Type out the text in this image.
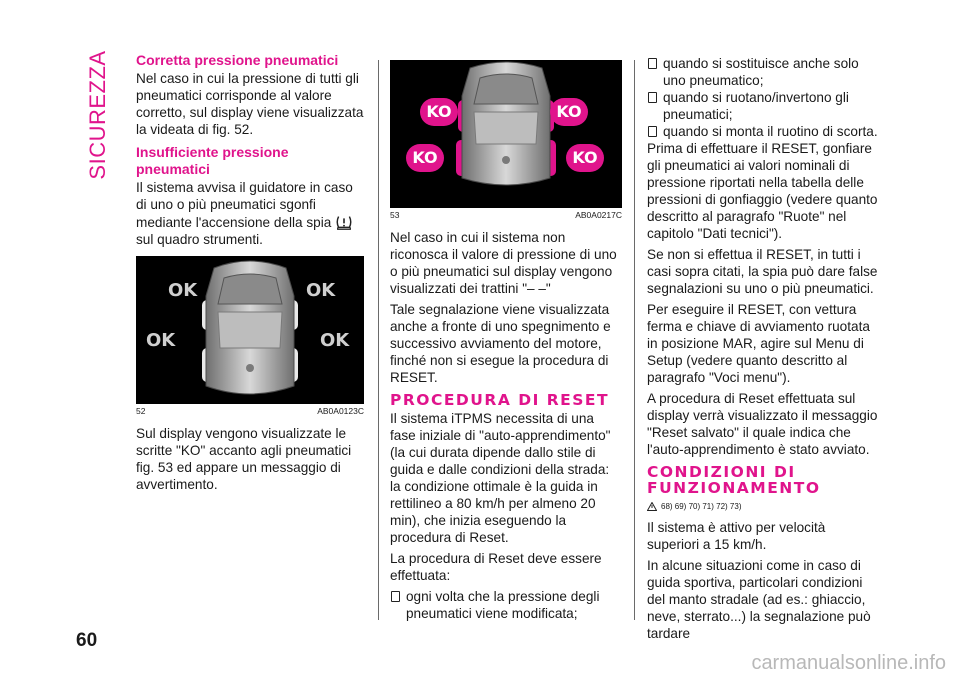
SICUREZZA Corretta pressione pneumatici

Nel caso in cui la pressione di tutti gli pneumatici corrisponde al valore corretto, sul display viene visualizzata la videata di fig. 52.

Insufficiente pressione pneumatici

Il sistema avvisa il guidatore in caso di uno o più pneumatici sgonfi mediante l'accensione della spia  sul quadro strumenti.

OK	OK
OK	OK
52	AB0A0123C

Sul display vengono visualizzate le scritte "KO" accanto agli pneumatici fig. 53 ed appare un messaggio di avvertimento.

KO	KO
KO	KO
53	AB0A0217C

Nel caso in cui il sistema non riconosca il valore di pressione di uno o più pneumatici sul display vengono visualizzati dei trattini "– –"

Tale segnalazione viene visualizzata anche a fronte di uno spegnimento e successivo avviamento del motore, finché non si esegue la procedura di RESET.

PROCEDURA DI RESET

Il sistema iTPMS necessita di una fase iniziale di "auto-apprendimento" (la cui durata dipende dallo stile di guida e dalle condizioni della strada: la condizione ottimale è la guida in rettilineo a 80 km/h per almeno 20 min), che inizia eseguendo la procedura di Reset.

La procedura di Reset deve essere effettuata:

ogni volta che la pressione degli pneumatici viene modificata;
quando si sostituisce anche solo uno pneumatico;
quando si ruotano/invertono gli pneumatici;
quando si monta il ruotino di scorta.

Prima di effettuare il RESET, gonfiare gli pneumatici ai valori nominali di pressione riportati nella tabella delle pressioni di gonfiaggio (vedere quanto descritto al paragrafo "Ruote" nel capitolo "Dati tecnici").

Se non si effettua il RESET, in tutti i casi sopra citati, la spia può dare false segnalazioni su uno o più pneumatici.

Per eseguire il RESET, con vettura ferma e chiave di avviamento ruotata in posizione MAR, agire sul Menu di Setup (vedere quanto descritto al paragrafo "Voci menu").

A procedura di Reset effettuata sul display verrà visualizzato il messaggio "Reset salvato" il quale indica che l'auto-apprendimento è stato avviato.

CONDIZIONI DI FUNZIONAMENTO
68) 69) 70) 71) 72) 73)

Il sistema è attivo per velocità superiori a 15 km/h.

In alcune situazioni come in caso di guida sportiva, particolari condizioni del manto stradale (ad es.: ghiaccio, neve, sterrato...) la segnalazione può tardare

60
carmanualsonline.info
